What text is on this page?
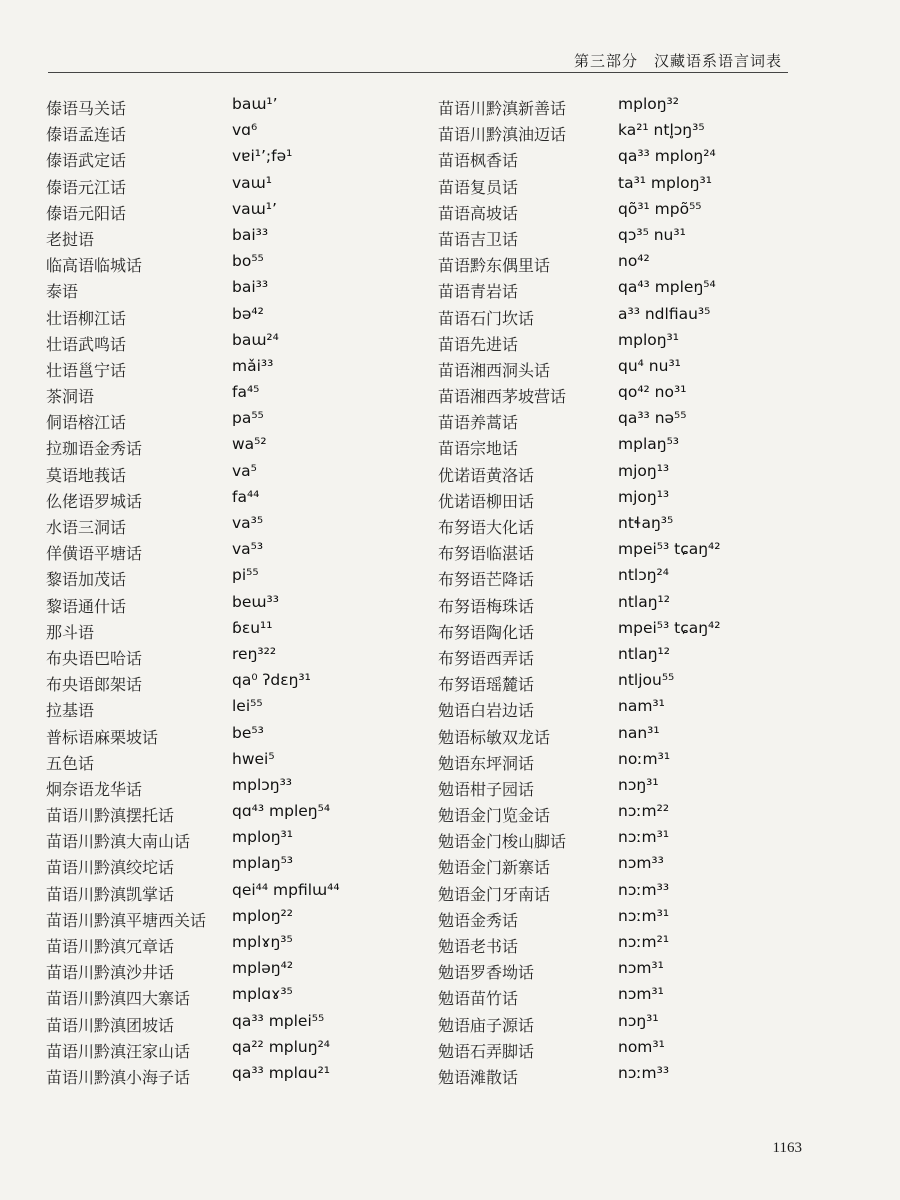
第三部分　汉藏语系语言词表
傣语马关话	baɯ¹’
傣语孟连话	vɑ⁶
傣语武定话	vɐi¹’;fə¹
傣语元江话	vaɯ¹
傣语元阳话	vaɯ¹’
老挝语	bai³³
临高语临城话	bo⁵⁵
泰语	bai³³
壮语柳江话	bə⁴²
壮语武鸣话	baɯ²⁴
壮语邕宁话	mǎi³³
茶洞语	fa⁴⁵
侗语榕江话	pa⁵⁵
拉珈语金秀话	wa⁵²
莫语地莪话	va⁵
仫佬语罗城话	fa⁴⁴
水语三洞话	va³⁵
佯僙语平塘话	va⁵³
黎语加茂话	pi⁵⁵
黎语通什话	beɯ³³
那斗语	ɓɛu¹¹
布央语巴哈话	reŋ³²²
布央语郎架话	qa⁰ ʔdɛŋ³¹
拉基语	lei⁵⁵
普标语麻栗坡话	be⁵³
五色话	hwei⁵
炯奈语龙华话	mplɔŋ³³
苗语川黔滇摆托话	qɑ⁴³ mpleŋ⁵⁴
苗语川黔滇大南山话	mploŋ³¹
苗语川黔滇绞坨话	mplaŋ⁵³
苗语川黔滇凯掌话	qei⁴⁴ mpfilɯ⁴⁴
苗语川黔滇平塘西关话 mploŋ²²
苗语川黔滇冗章话	mplɤŋ³⁵
苗语川黔滇沙井话	mpləŋ⁴²
苗语川黔滇四大寨话	mplɑɤ³⁵
苗语川黔滇团坡话	qa³³ mplei⁵⁵
苗语川黔滇汪家山话	qa²² mpluŋ²⁴
苗语川黔滇小海子话	qa³³ mplɑu²¹
苗语川黔滇新善话	mploŋ³²
苗语川黔滇油迈话	ka²¹ ntl̥ɔŋ³⁵
苗语枫香话	qa³³ mploŋ²⁴
苗语复员话	ta³¹ mploŋ³¹
苗语高坡话	qõ³¹ mpõ⁵⁵
苗语吉卫话	qɔ³⁵ nu³¹
苗语黔东偶里话	no⁴²
苗语青岩话	qa⁴³ mpleŋ⁵⁴
苗语石门坎话	a³³ ndlfiau³⁵
苗语先进话	mploŋ³¹
苗语湘西洞头话	qu⁴ nu³¹
苗语湘西茅坡营话	qo⁴² no³¹
苗语养蒿话	qa³³ nə⁵⁵
苗语宗地话	mplaŋ⁵³
优诺语黄洛话	mjoŋ¹³
优诺语柳田话	mjoŋ¹³
布努语大化话	ntɬaŋ³⁵
布努语临湛话	mpei⁵³ tɕaŋ⁴²
布努语芒降话	ntlɔŋ²⁴
布努语梅珠话	ntlaŋ¹²
布努语陶化话	mpei⁵³ tɕaŋ⁴²
布努语西弄话	ntlaŋ¹²
布努语瑶麓话	ntljou⁵⁵
勉语白岩边话	nam³¹
勉语标敏双龙话	nan³¹
勉语东坪洞话	noːm³¹
勉语柑子园话	nɔŋ³¹
勉语金门览金话	nɔːm²²
勉语金门梭山脚话	nɔːm³¹
勉语金门新寨话	nɔm³³
勉语金门牙南话	nɔːm³³
勉语金秀话	nɔːm³¹
勉语老书话	nɔːm²¹
勉语罗香坳话	nɔm³¹
勉语苗竹话	nɔm³¹
勉语庙子源话	nɔŋ³¹
勉语石弄脚话	nom³¹
勉语滩散话	nɔːm³³
1163
